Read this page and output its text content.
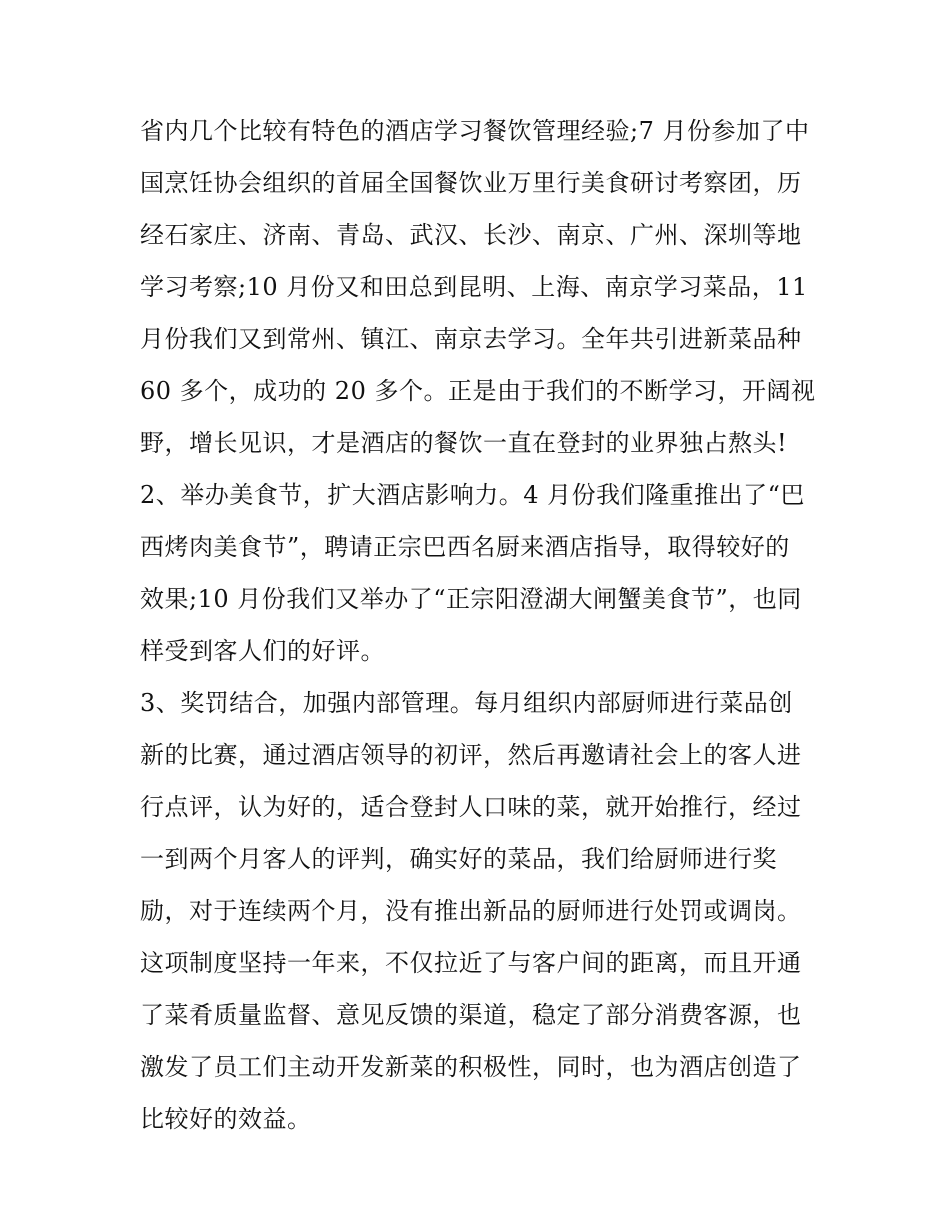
省内几个比较有特色的酒店学习餐饮管理经验;7 月份参加了中
国烹饪协会组织的首届全国餐饮业万里行美食研讨考察团，历
经石家庄、济南、青岛、武汉、长沙、南京、广州、深圳等地
学习考察;10 月份又和田总到昆明、上海、南京学习菜品，11
月份我们又到常州、镇江、南京去学习。全年共引进新菜品种
60 多个，成功的 20 多个。正是由于我们的不断学习，开阔视
野，增长见识，才是酒店的餐饮一直在登封的业界独占熬头!
2、举办美食节，扩大酒店影响力。4 月份我们隆重推出了“巴
西烤肉美食节”，聘请正宗巴西名厨来酒店指导，取得较好的
效果;10 月份我们又举办了“正宗阳澄湖大闸蟹美食节”，也同
样受到客人们的好评。
3、奖罚结合，加强内部管理。每月组织内部厨师进行菜品创
新的比赛，通过酒店领导的初评，然后再邀请社会上的客人进
行点评，认为好的，适合登封人口味的菜，就开始推行，经过
一到两个月客人的评判，确实好的菜品，我们给厨师进行奖
励，对于连续两个月，没有推出新品的厨师进行处罚或调岗。
这项制度坚持一年来，不仅拉近了与客户间的距离，而且开通
了菜肴质量监督、意见反馈的渠道，稳定了部分消费客源，也
激发了员工们主动开发新菜的积极性，同时，也为酒店创造了
比较好的效益。
